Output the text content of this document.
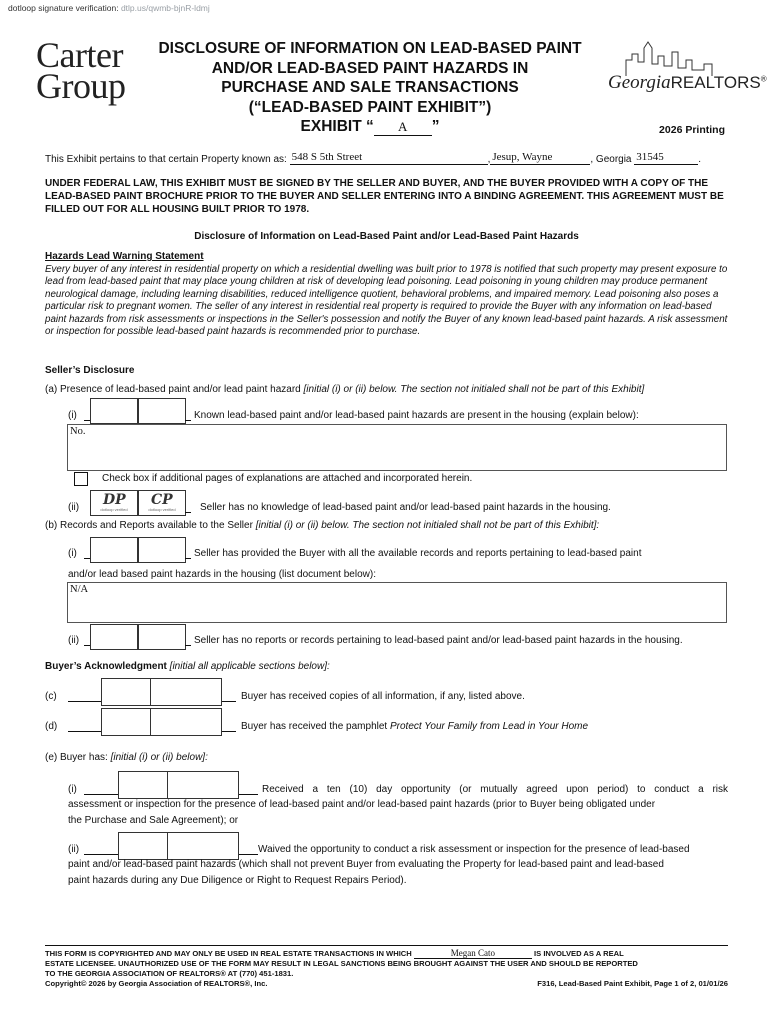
dotloop signature verification: dtlp.us/qwmb-bjnR-ldmj
Carter
Group	GeorgiaREALTORS®
DISCLOSURE OF INFORMATION ON LEAD-BASED PAINT
AND/OR LEAD-BASED PAINT HAZARDS IN
PURCHASE AND SALE TRANSACTIONS
(“LEAD-BASED PAINT EXHIBIT”)
EXHIBIT “ A ”	2026 Printing
This Exhibit pertains to that certain Property known as: 548 S 5th Street	, Jesup, Wayne	, Georgia 31545	.
UNDER FEDERAL LAW, THIS EXHIBIT MUST BE SIGNED BY THE SELLER AND BUYER, AND THE BUYER PROVIDED WITH A COPY OF THE LEAD-BASED PAINT BROCHURE PRIOR TO THE BUYER AND SELLER ENTERING INTO A BINDING AGREEMENT. THIS AGREEMENT MUST BE FILLED OUT FOR ALL HOUSING BUILT PRIOR TO 1978.
Disclosure of Information on Lead-Based Paint and/or Lead-Based Paint Hazards
Hazards Lead Warning Statement
Every buyer of any interest in residential property on which a residential dwelling was built prior to 1978 is notified that such property may present exposure to lead from lead-based paint that may place young children at risk of developing lead poisoning. Lead poisoning in young children may produce permanent neurological damage, including learning disabilities, reduced intelligence quotient, behavioral problems, and impaired memory. Lead poisoning also poses a particular risk to pregnant women. The seller of any interest in residential real property is required to provide the Buyer with any information on lead-based paint hazards from risk assessments or inspections in the Seller's possession and notify the Buyer of any known lead-based paint hazards. A risk assessment or inspection for possible lead-based paint hazards is recommended prior to purchase.
Seller’s Disclosure
(a) Presence of lead-based paint and/or lead paint hazard [initial (i) or (ii) below. The section not initialed shall not be part of this Exhibit]
(i)	Known lead-based paint and/or lead-based paint hazards are present in the housing (explain below):
No.
Check box if additional pages of explanations are attached and incorporated herein.
(ii) DP
dotloop verified
CP
dotloop verified	Seller has no knowledge of lead-based paint and/or lead-based paint hazards in the housing.
(b) Records and Reports available to the Seller [initial (i) or (ii) below. The section not initialed shall not be part of this Exhibit]:
(i)	Seller has provided the Buyer with all the available records and reports pertaining to lead-based paint
and/or lead based paint hazards in the housing (list document below):
N/A
(ii)	Seller has no reports or records pertaining to lead-based paint and/or lead-based paint hazards in the housing.
Buyer’s Acknowledgment [initial all applicable sections below]:
(c)	Buyer has received copies of all information, if any, listed above.
(d)	Buyer has received the pamphlet Protect Your Family from Lead in Your Home
(e) Buyer has: [initial (i) or (ii) below]:
(i)	Received a ten (10) day opportunity (or mutually agreed upon period) to conduct a risk
assessment or inspection for the presence of lead-based paint and/or lead-based paint hazards (prior to Buyer being obligated under
the Purchase and Sale Agreement); or
(ii)	Waived the opportunity to conduct a risk assessment or inspection for the presence of lead-based
paint and/or lead-based paint hazards (which shall not prevent Buyer from evaluating the Property for lead-based paint and lead-based
paint hazards during any Due Diligence or Right to Request Repairs Period).
THIS FORM IS COPYRIGHTED AND MAY ONLY BE USED IN REAL ESTATE TRANSACTIONS IN WHICH	Megan Cato	IS INVOLVED AS A REAL
ESTATE LICENSEE. UNAUTHORIZED USE OF THE FORM MAY RESULT IN LEGAL SANCTIONS BEING BROUGHT AGAINST THE USER AND SHOULD BE REPORTED
TO THE GEORGIA ASSOCIATION OF REALTORS® AT (770) 451-1831.
Copyright© 2026 by Georgia Association of REALTORS®, Inc.	F316, Lead-Based Paint Exhibit, Page 1 of 2, 01/01/26
